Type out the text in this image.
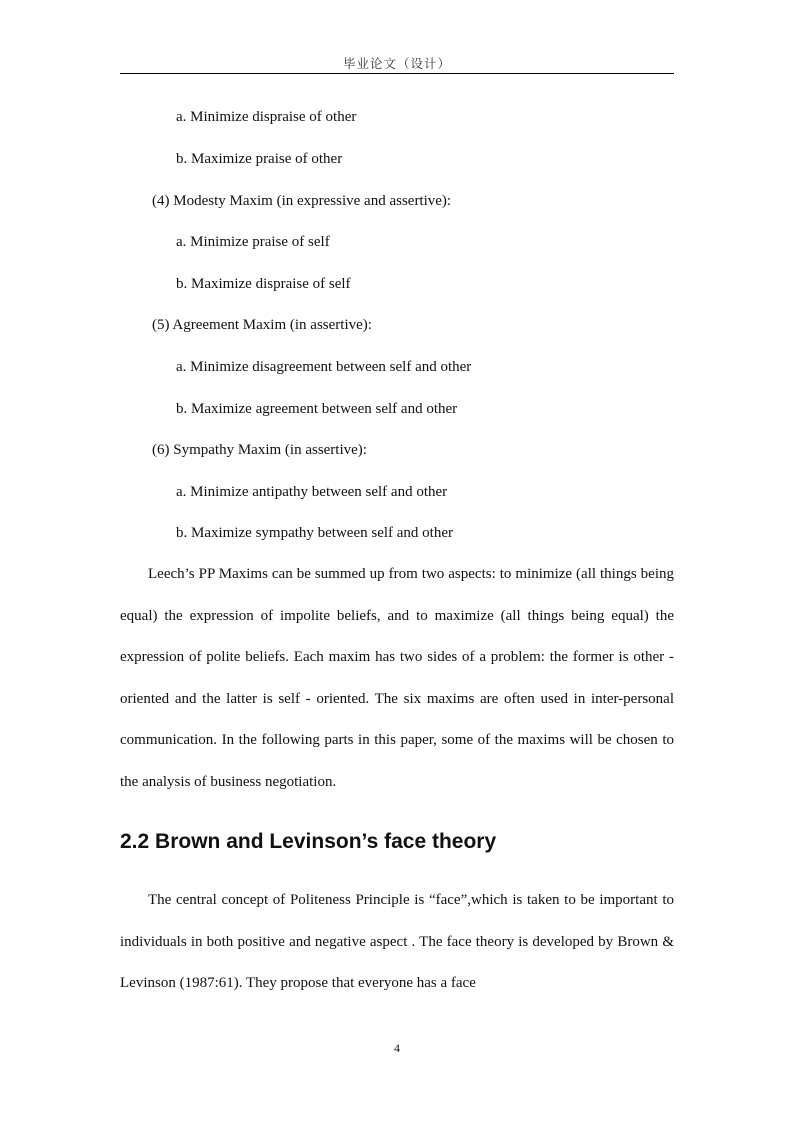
毕业论文（设计）
a. Minimize dispraise of other
b. Maximize praise of other
(4) Modesty Maxim (in expressive and assertive):
a. Minimize praise of self
b. Maximize dispraise of self
(5) Agreement Maxim (in assertive):
a. Minimize disagreement between self and other
b. Maximize agreement between self and other
(6) Sympathy Maxim (in assertive):
a. Minimize antipathy between self and other
b. Maximize sympathy between self and other
Leech’s PP Maxims can be summed up from two aspects: to minimize (all things being equal) the expression of impolite beliefs, and to maximize (all things being equal) the expression of polite beliefs. Each maxim has two sides of a problem: the former is other - oriented and the latter is self - oriented. The six maxims are often used in inter-personal communication. In the following parts in this paper, some of the maxims will be chosen to the analysis of business negotiation.
2.2 Brown and Levinson’s face theory
The central concept of Politeness Principle is “face”,which is taken to be important to individuals in both positive and negative aspect . The face theory is developed by Brown & Levinson (1987:61). They propose that everyone has a face
4
